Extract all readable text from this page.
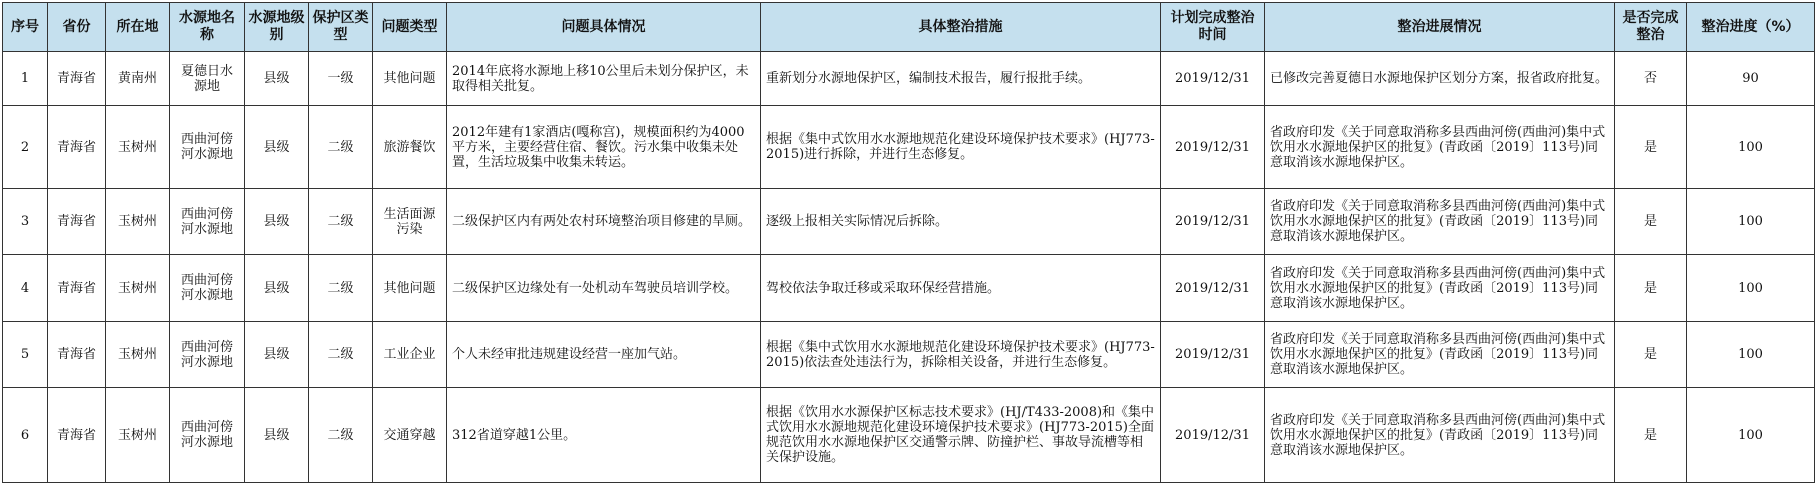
序号	省份	所在地	水源地名称	水源地级别	保护区类型	问题类型	问题具体情况	具体整治措施	计划完成整治时间	整治进展情况	是否完成整治	整治进度（%）
1	青海省	黄南州	夏德日水源地	县级	一级	其他问题	2014年底将水源地上移10公里后未划分保护区，未取得相关批复。	重新划分水源地保护区，编制技术报告，履行报批手续。	2019/12/31	已修改完善夏德日水源地保护区划分方案，报省政府批复。	否	90
2	青海省	玉树州	西曲河傍河水源地	县级	二级	旅游餐饮	2012年建有1家酒店(嘎称宫)，规模面积约为4000平方米，主要经营住宿、餐饮。污水集中收集未处置，生活垃圾集中收集未转运。	根据《集中式饮用水水源地规范化建设环境保护技术要求》(HJ773-2015)进行拆除，并进行生态修复。	2019/12/31	省政府印发《关于同意取消称多县西曲河傍(西曲河)集中式饮用水水源地保护区的批复》(青政函〔2019〕113号)同意取消该水源地保护区。	是	100
3	青海省	玉树州	西曲河傍河水源地	县级	二级	生活面源污染	二级保护区内有两处农村环境整治项目修建的旱厕。	逐级上报相关实际情况后拆除。	2019/12/31	省政府印发《关于同意取消称多县西曲河傍(西曲河)集中式饮用水水源地保护区的批复》(青政函〔2019〕113号)同意取消该水源地保护区。	是	100
4	青海省	玉树州	西曲河傍河水源地	县级	二级	其他问题	二级保护区边缘处有一处机动车驾驶员培训学校。	驾校依法争取迁移或采取环保经营措施。	2019/12/31	省政府印发《关于同意取消称多县西曲河傍(西曲河)集中式饮用水水源地保护区的批复》(青政函〔2019〕113号)同意取消该水源地保护区。	是	100
5	青海省	玉树州	西曲河傍河水源地	县级	二级	工业企业	个人未经审批违规建设经营一座加气站。	根据《集中式饮用水水源地规范化建设环境保护技术要求》(HJ773-2015)依法查处违法行为，拆除相关设备，并进行生态修复。	2019/12/31	省政府印发《关于同意取消称多县西曲河傍(西曲河)集中式饮用水水源地保护区的批复》(青政函〔2019〕113号)同意取消该水源地保护区。	是	100
6	青海省	玉树州	西曲河傍河水源地	县级	二级	交通穿越	312省道穿越1公里。	根据《饮用水水源保护区标志技术要求》(HJ/T433-2008)和《集中式饮用水水源地规范化建设环境保护技术要求》(HJ773-2015)全面规范饮用水水源地保护区交通警示牌、防撞护栏、事故导流槽等相关保护设施。	2019/12/31	省政府印发《关于同意取消称多县西曲河傍(西曲河)集中式饮用水水源地保护区的批复》(青政函〔2019〕113号)同意取消该水源地保护区。	是	100
